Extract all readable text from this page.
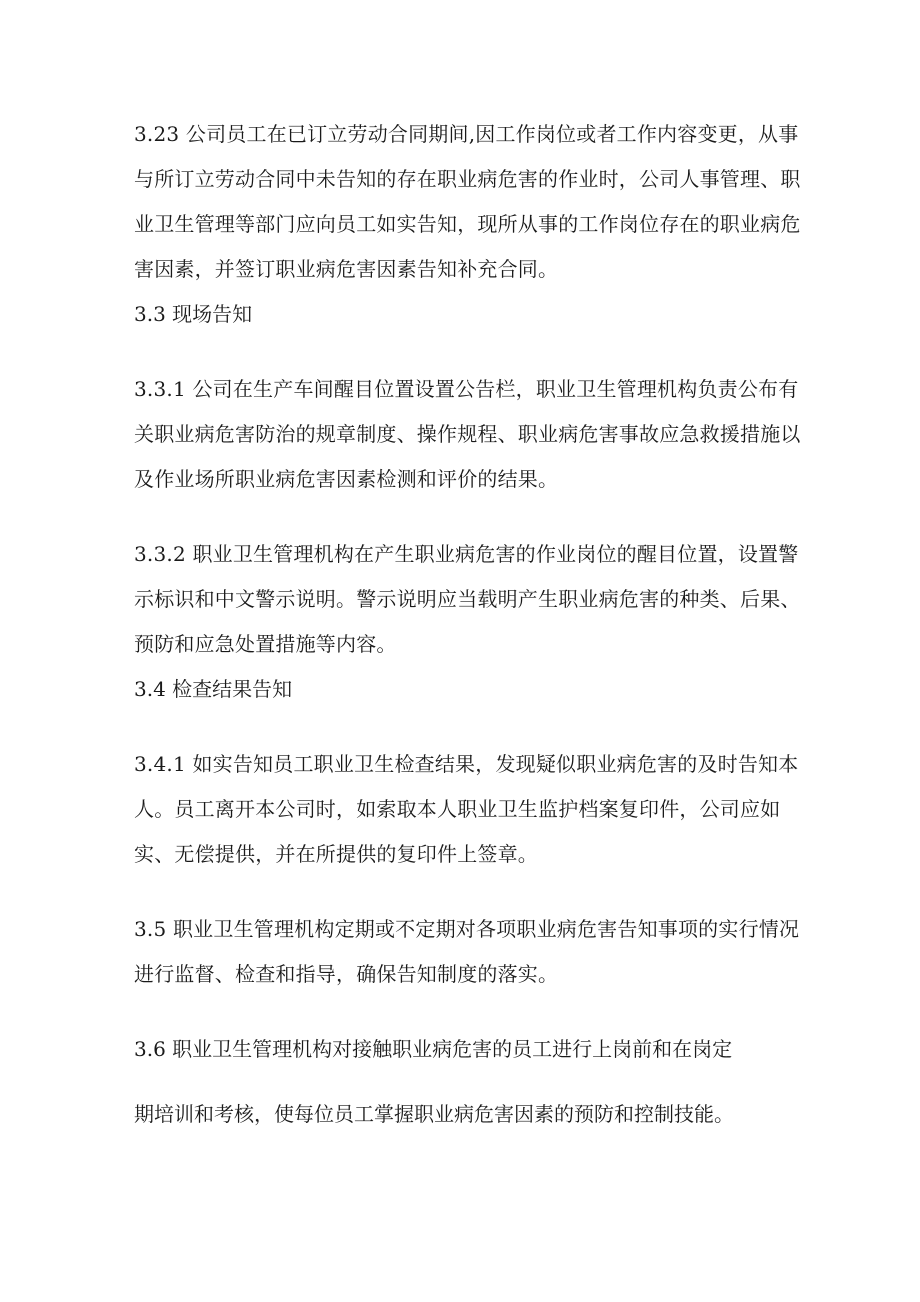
3.23 公司员工在已订立劳动合同期间,因工作岗位或者工作内容变更，从事与所订立劳动合同中未告知的存在职业病危害的作业时，公司人事管理、职业卫生管理等部门应向员工如实告知，现所从事的工作岗位存在的职业病危害因素，并签订职业病危害因素告知补充合同。

3.3 现场告知

3.3.1 公司在生产车间醒目位置设置公告栏，职业卫生管理机构负责公布有关职业病危害防治的规章制度、操作规程、职业病危害事故应急救援措施以及作业场所职业病危害因素检测和评价的结果。

3.3.2 职业卫生管理机构在产生职业病危害的作业岗位的醒目位置，设置警示标识和中文警示说明。警示说明应当载明产生职业病危害的种类、后果、预防和应急处置措施等内容。

3.4 检查结果告知

3.4.1 如实告知员工职业卫生检查结果，发现疑似职业病危害的及时告知本人。员工离开本公司时，如索取本人职业卫生监护档案复印件，公司应如实、无偿提供，并在所提供的复印件上签章。

3.5 职业卫生管理机构定期或不定期对各项职业病危害告知事项的实行情况进行监督、检查和指导，确保告知制度的落实。

3.6 职业卫生管理机构对接触职业病危害的员工进行上岗前和在岗定

期培训和考核，使每位员工掌握职业病危害因素的预防和控制技能。
